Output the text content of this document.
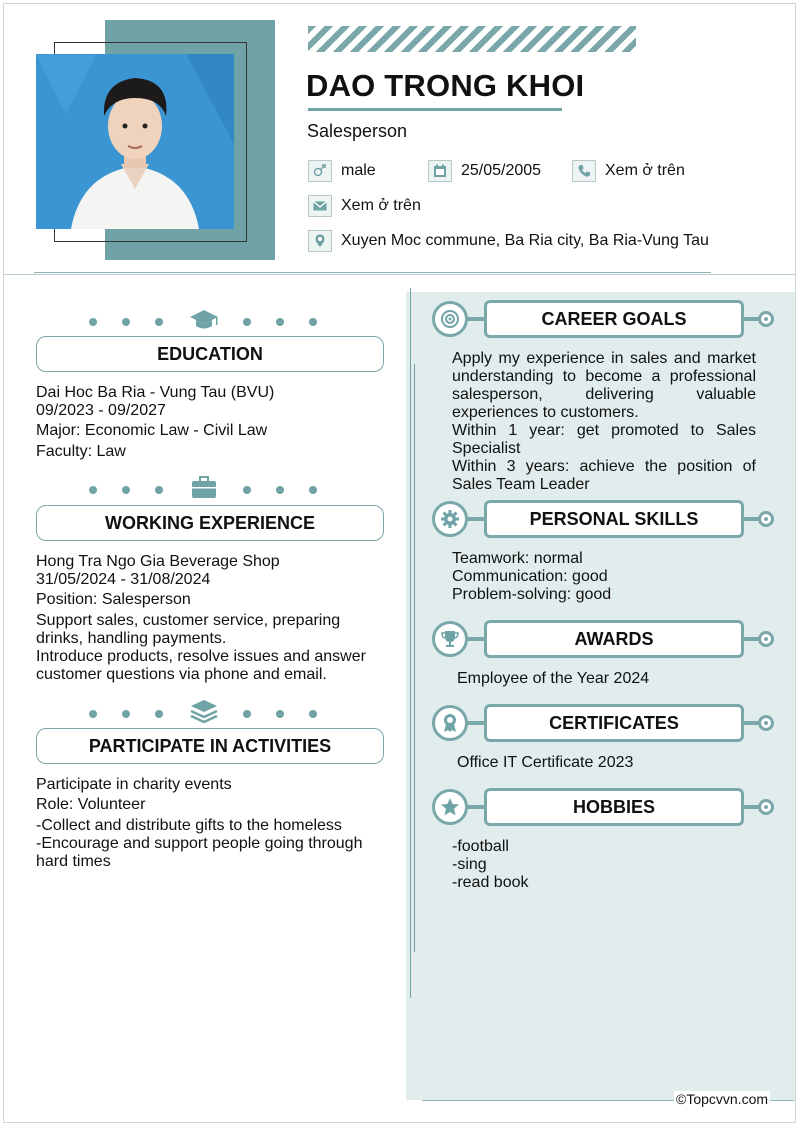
DAO TRONG KHOI
Salesperson
male	25/05/2005	Xem ở trên
Xem ở trên
Xuyen Moc commune, Ba Ria city, Ba Ria-Vung Tau
EDUCATION

Dai Hoc Ba Ria - Vung Tau (BVU)

09/2023 - 09/2027

Major: Economic Law - Civil Law

Faculty: Law

WORKING EXPERIENCE

Hong Tra Ngo Gia Beverage Shop

31/05/2024 - 31/08/2024

Position: Salesperson

Support sales, customer service, preparing drinks, handling payments.

Introduce products, resolve issues and answer customer questions via phone and email.

PARTICIPATE IN ACTIVITIES

Participate in charity events

Role: Volunteer

-Collect and distribute gifts to the homeless

-Encourage and support people going through hard times

CAREER GOALS

Apply my experience in sales and market understanding to become a professional salesperson, delivering valuable experiences to customers.

Within 1 year: get promoted to Sales Specialist

Within 3 years: achieve the position of Sales Team Leader

PERSONAL SKILLS

Teamwork: normal

Communication: good

Problem-solving: good

AWARDS
Employee of the Year 2024
CERTIFICATES
Office IT Certificate 2023
HOBBIES

-football

-sing

-read book

©Topcvvn.com
